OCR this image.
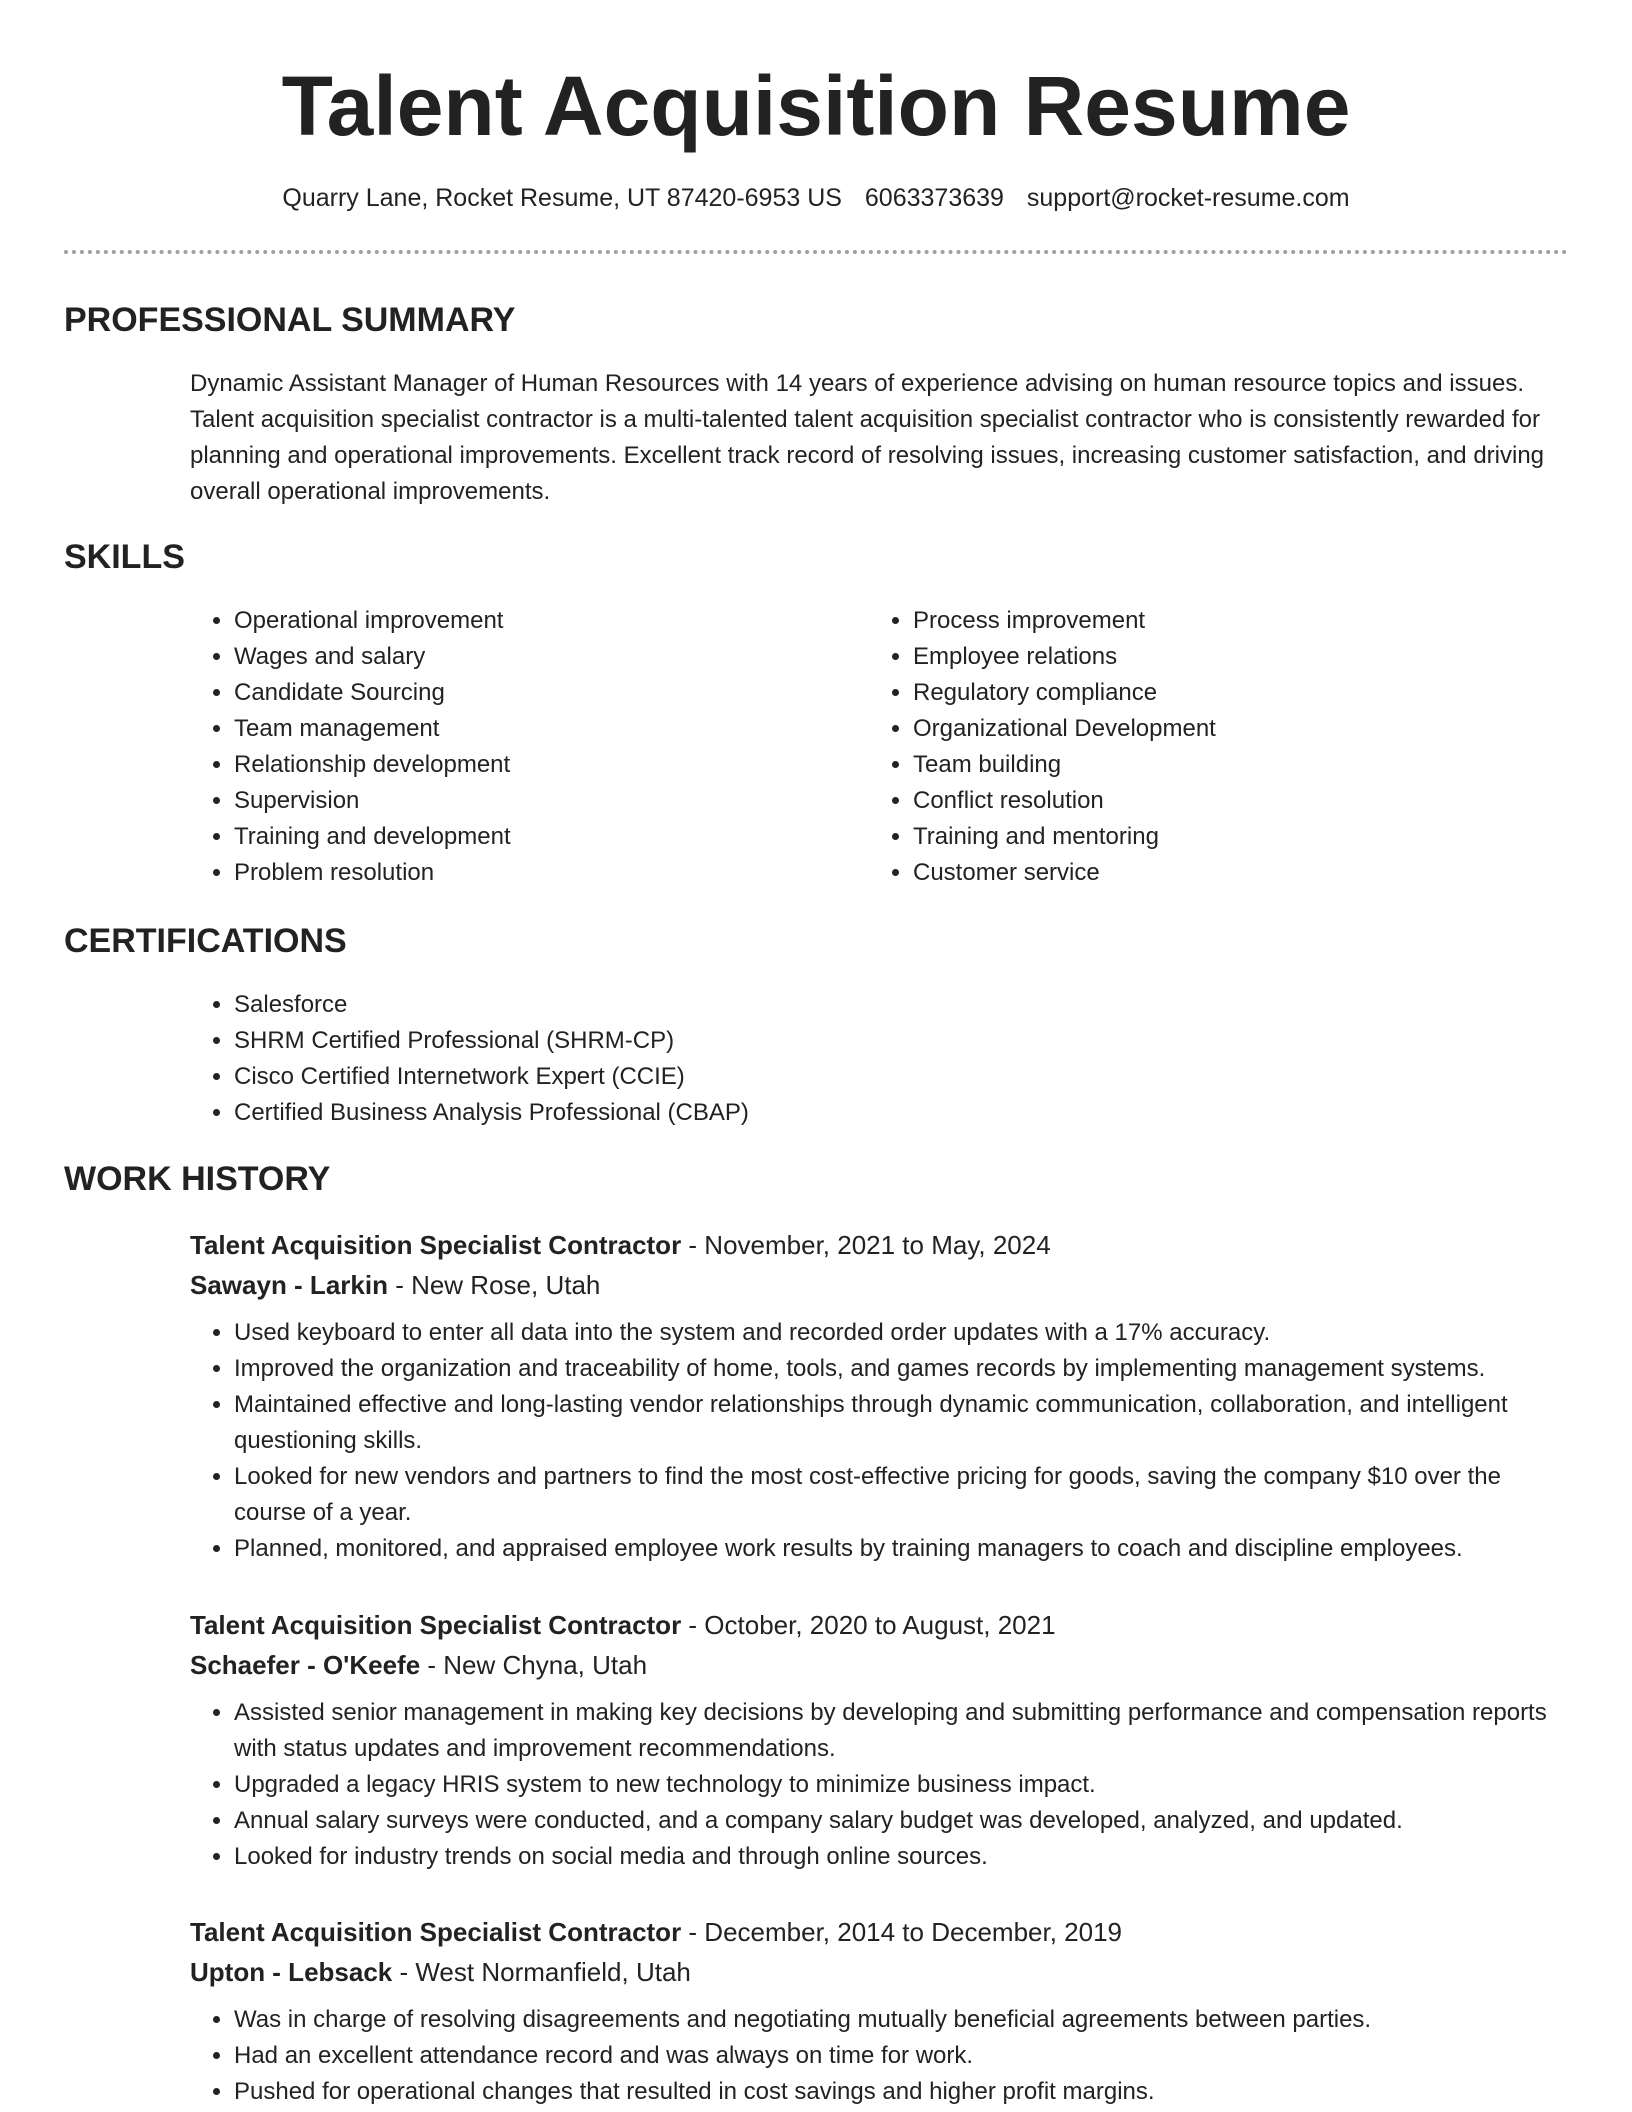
Talent Acquisition Resume
Quarry Lane, Rocket Resume, UT 87420-6953 US 6063373639 support@rocket-resume.com
PROFESSIONAL SUMMARY

Dynamic Assistant Manager of Human Resources with 14 years of experience advising on human resource topics and issues. Talent acquisition specialist contractor is a multi-talented talent acquisition specialist contractor who is consistently rewarded for planning and operational improvements. Excellent track record of resolving issues, increasing customer satisfaction, and driving overall operational improvements.

SKILLS
• Operational improvement
• Wages and salary
• Candidate Sourcing
• Team management
• Relationship development
• Supervision
• Training and development
• Problem resolution
• Process improvement
• Employee relations
• Regulatory compliance
• Organizational Development
• Team building
• Conflict resolution
• Training and mentoring
• Customer service
CERTIFICATIONS
• Salesforce
• SHRM Certified Professional (SHRM-CP)
• Cisco Certified Internetwork Expert (CCIE)
• Certified Business Analysis Professional (CBAP)
WORK HISTORY

Talent Acquisition Specialist Contractor - November, 2021 to May, 2024

Sawayn - Larkin - New Rose, Utah

• Used keyboard to enter all data into the system and recorded order updates with a 17% accuracy.
• Improved the organization and traceability of home, tools, and games records by implementing management systems.
• Maintained effective and long-lasting vendor relationships through dynamic communication, collaboration, and intelligent questioning skills.
• Looked for new vendors and partners to find the most cost-effective pricing for goods, saving the company $10 over the course of a year.
• Planned, monitored, and appraised employee work results by training managers to coach and discipline employees.

Talent Acquisition Specialist Contractor - October, 2020 to August, 2021

Schaefer - O'Keefe - New Chyna, Utah

• Assisted senior management in making key decisions by developing and submitting performance and compensation reports with status updates and improvement recommendations.
• Upgraded a legacy HRIS system to new technology to minimize business impact.
• Annual salary surveys were conducted, and a company salary budget was developed, analyzed, and updated.
• Looked for industry trends on social media and through online sources.

Talent Acquisition Specialist Contractor - December, 2014 to December, 2019

Upton - Lebsack - West Normanfield, Utah

• Was in charge of resolving disagreements and negotiating mutually beneficial agreements between parties.
• Had an excellent attendance record and was always on time for work.
• Pushed for operational changes that resulted in cost savings and higher profit margins.
